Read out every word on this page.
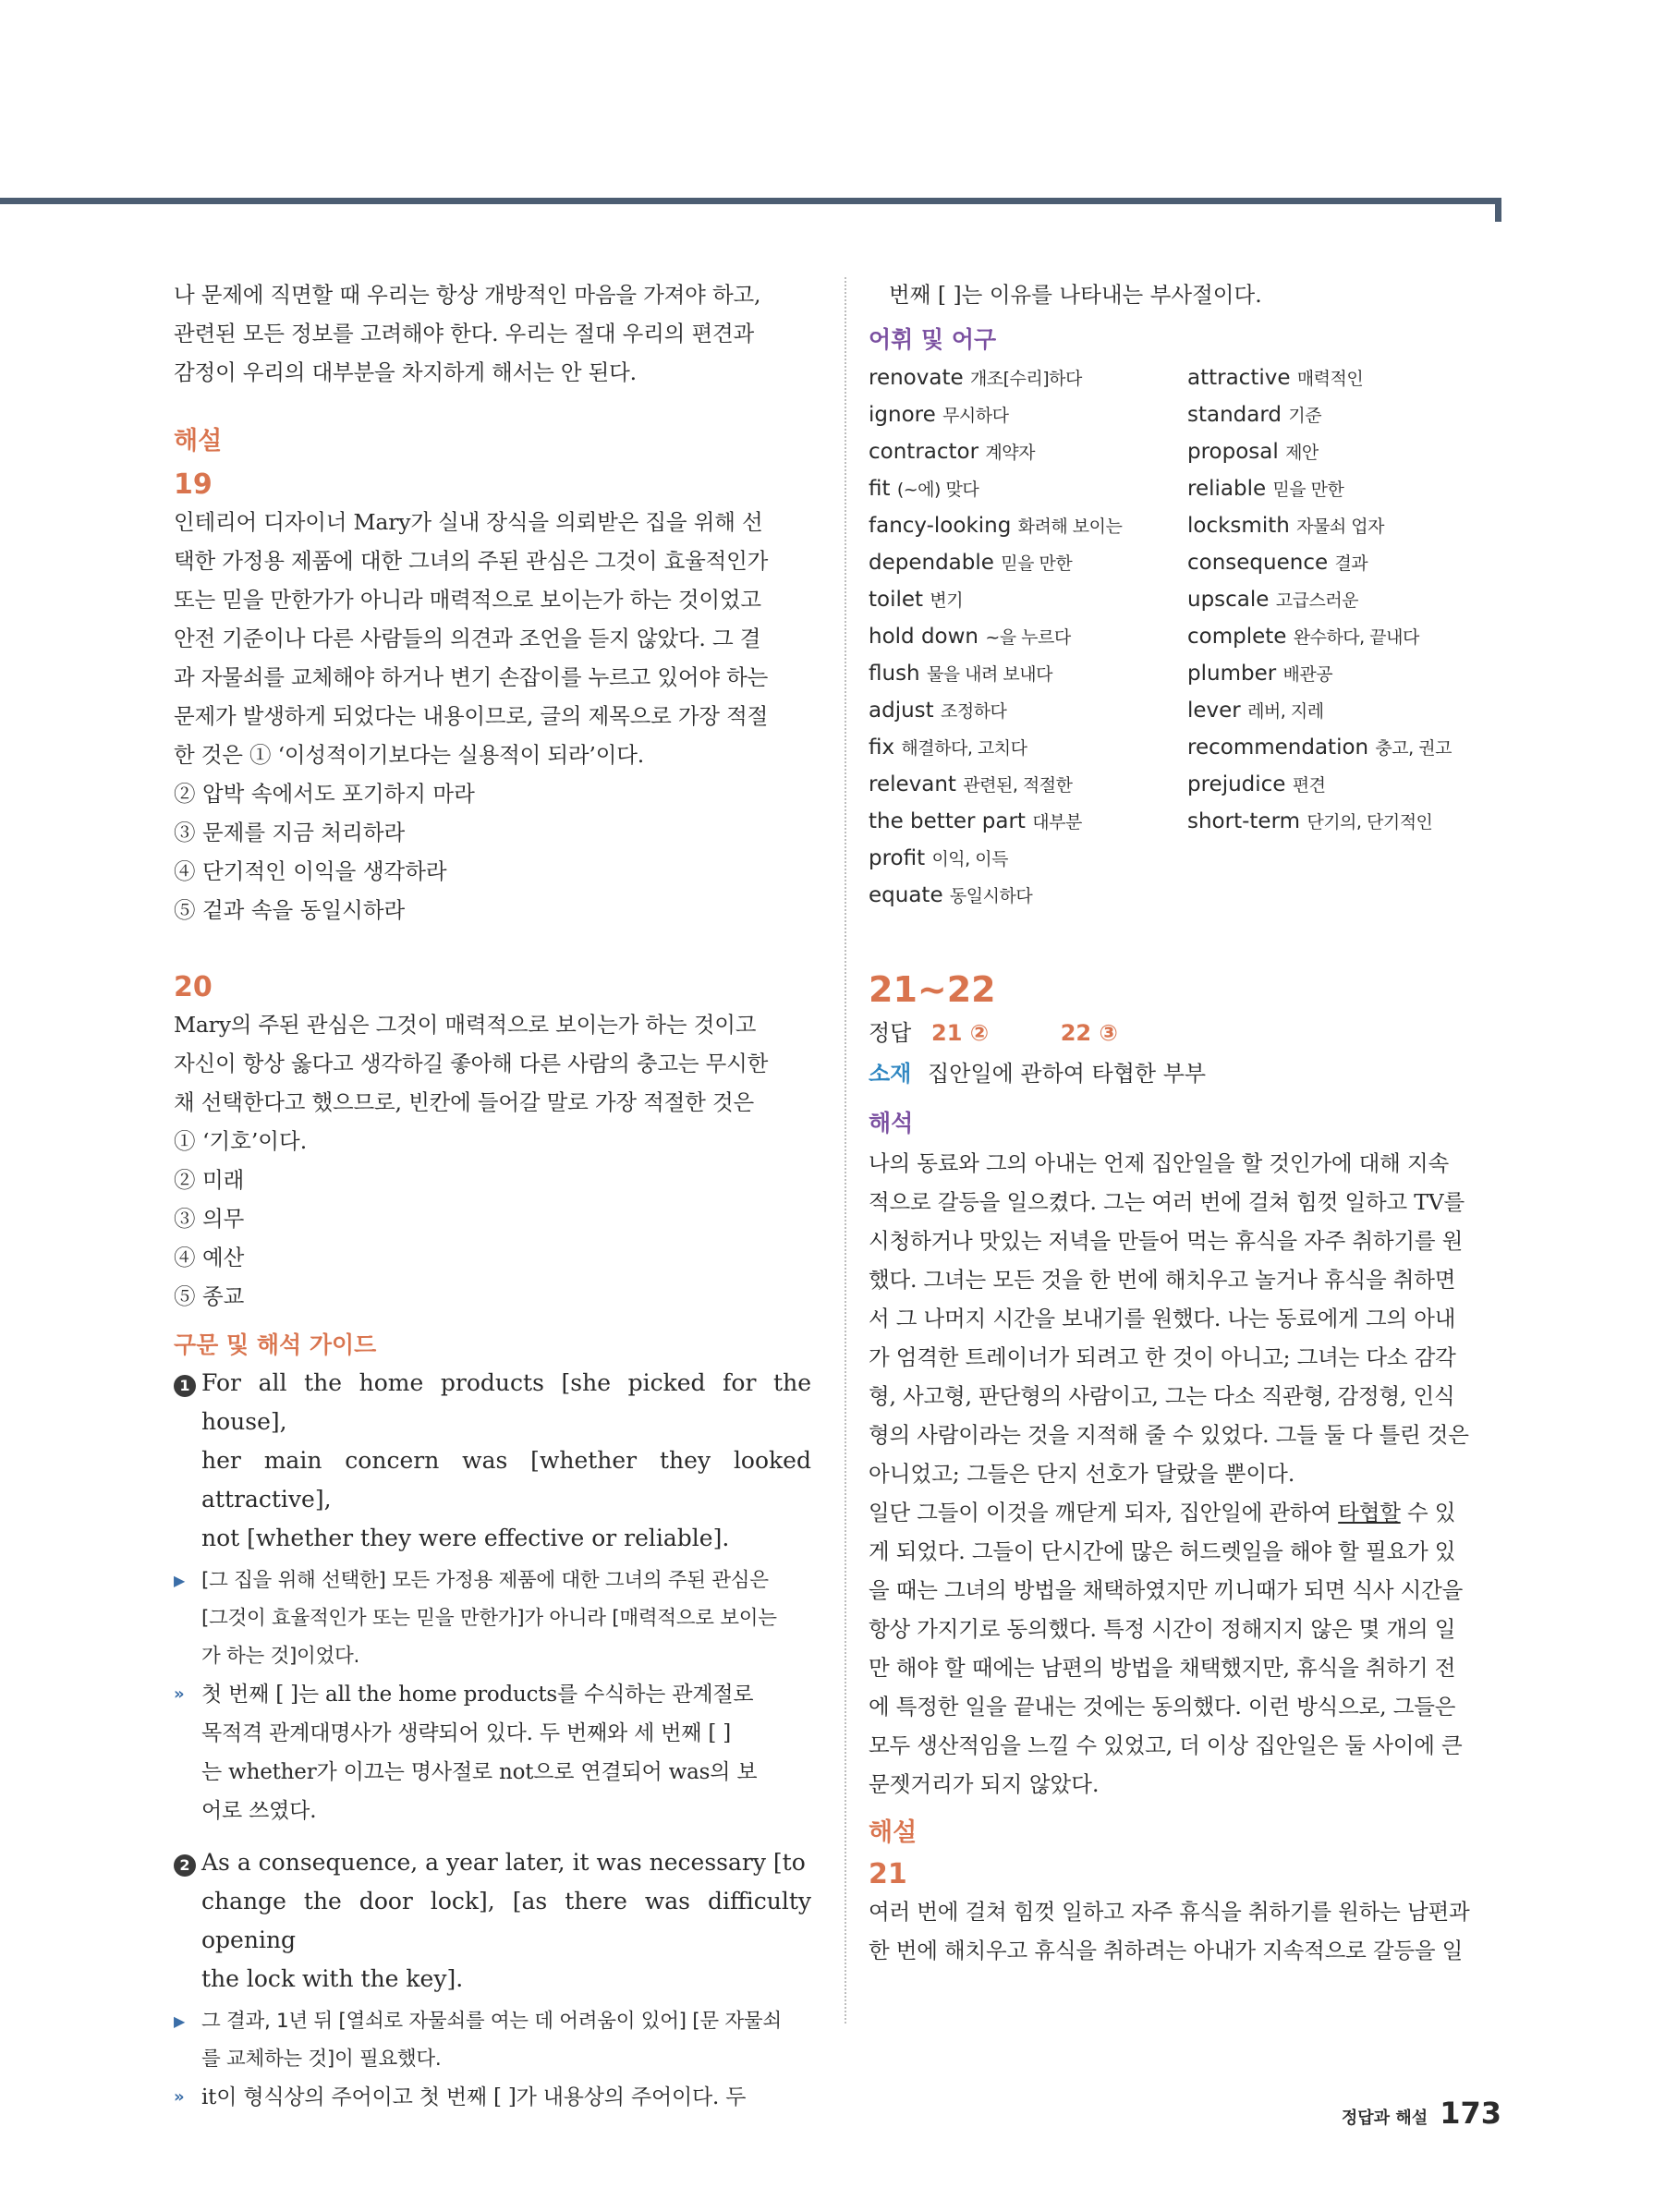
나 문제에 직면할 때 우리는 항상 개방적인 마음을 가져야 하고,

관련된 모든 정보를 고려해야 한다. 우리는 절대 우리의 편견과

감정이 우리의 대부분을 차지하게 해서는 안 된다.

해설

19

인테리어 디자이너 Mary가 실내 장식을 의뢰받은 집을 위해 선

택한 가정용 제품에 대한 그녀의 주된 관심은 그것이 효율적인가

또는 믿을 만한가가 아니라 매력적으로 보이는가 하는 것이었고

안전 기준이나 다른 사람들의 의견과 조언을 듣지 않았다. 그 결

과 자물쇠를 교체해야 하거나 변기 손잡이를 누르고 있어야 하는

문제가 발생하게 되었다는 내용이므로, 글의 제목으로 가장 적절

한 것은 ① ‘이성적이기보다는 실용적이 되라’이다.

② 압박 속에서도 포기하지 마라

③ 문제를 지금 처리하라

④ 단기적인 이익을 생각하라

⑤ 겉과 속을 동일시하라

20

Mary의 주된 관심은 그것이 매력적으로 보이는가 하는 것이고

자신이 항상 옳다고 생각하길 좋아해 다른 사람의 충고는 무시한

채 선택한다고 했으므로, 빈칸에 들어갈 말로 가장 적절한 것은

① ‘기호’이다.

② 미래

③ 의무

④ 예산

⑤ 종교

구문 및 해석 가이드

1 For all the home products [she picked for the house],
her main concern was [whether they looked attractive],
not [whether they were effective or reliable].
▶ [그 집을 위해 선택한] 모든 가정용 제품에 대한 그녀의 주된 관심은
[그것이 효율적인가 또는 믿을 만한가]가 아니라 [매력적으로 보이는
가 하는 것]이었다.
» 첫 번째 [ ]는 all the home products를 수식하는 관계절로
목적격 관계대명사가 생략되어 있다. 두 번째와 세 번째 [ ]
는 whether가 이끄는 명사절로 not으로 연결되어 was의 보
어로 쓰였다.
2 As a consequence, a year later, it was necessary [to
change the door lock], [as there was difficulty opening
the lock with the key].
▶ 그 결과, 1년 뒤 [열쇠로 자물쇠를 여는 데 어려움이 있어] [문 자물쇠
를 교체하는 것]이 필요했다.
» it이 형식상의 주어이고 첫 번째 [ ]가 내용상의 주어이다. 두

번째 [ ]는 이유를 나타내는 부사절이다.

어휘 및 어구

renovate 개조[수리]하다
ignore 무시하다
contractor 계약자
fit (~에) 맞다
fancy-looking 화려해 보이는
dependable 믿을 만한
toilet 변기
hold down ~을 누르다
flush 물을 내려 보내다
adjust 조정하다
fix 해결하다, 고치다
relevant 관련된, 적절한
the better part 대부분
profit 이익, 이득
equate 동일시하다
attractive 매력적인
standard 기준
proposal 제안
reliable 믿을 만한
locksmith 자물쇠 업자
consequence 결과
upscale 고급스러운
complete 완수하다, 끝내다
plumber 배관공
lever 레버, 지레
recommendation 충고, 권고
prejudice 편견
short-term 단기의, 단기적인

21~22

정답 21 ②	22 ③

소재 집안일에 관하여 타협한 부부

해석

나의 동료와 그의 아내는 언제 집안일을 할 것인가에 대해 지속

적으로 갈등을 일으켰다. 그는 여러 번에 걸쳐 힘껏 일하고 TV를

시청하거나 맛있는 저녁을 만들어 먹는 휴식을 자주 취하기를 원

했다. 그녀는 모든 것을 한 번에 해치우고 놀거나 휴식을 취하면

서 그 나머지 시간을 보내기를 원했다. 나는 동료에게 그의 아내

가 엄격한 트레이너가 되려고 한 것이 아니고; 그녀는 다소 감각

형, 사고형, 판단형의 사람이고, 그는 다소 직관형, 감정형, 인식

형의 사람이라는 것을 지적해 줄 수 있었다. 그들 둘 다 틀린 것은

아니었고; 그들은 단지 선호가 달랐을 뿐이다.

일단 그들이 이것을 깨닫게 되자, 집안일에 관하여 타협할 수 있

게 되었다. 그들이 단시간에 많은 허드렛일을 해야 할 필요가 있

을 때는 그녀의 방법을 채택하였지만 끼니때가 되면 식사 시간을

항상 가지기로 동의했다. 특정 시간이 정해지지 않은 몇 개의 일

만 해야 할 때에는 남편의 방법을 채택했지만, 휴식을 취하기 전

에 특정한 일을 끝내는 것에는 동의했다. 이런 방식으로, 그들은

모두 생산적임을 느낄 수 있었고, 더 이상 집안일은 둘 사이에 큰

문젯거리가 되지 않았다.

해설

21

여러 번에 걸쳐 힘껏 일하고 자주 휴식을 취하기를 원하는 남편과

한 번에 해치우고 휴식을 취하려는 아내가 지속적으로 갈등을 일

정답과 해설 173
